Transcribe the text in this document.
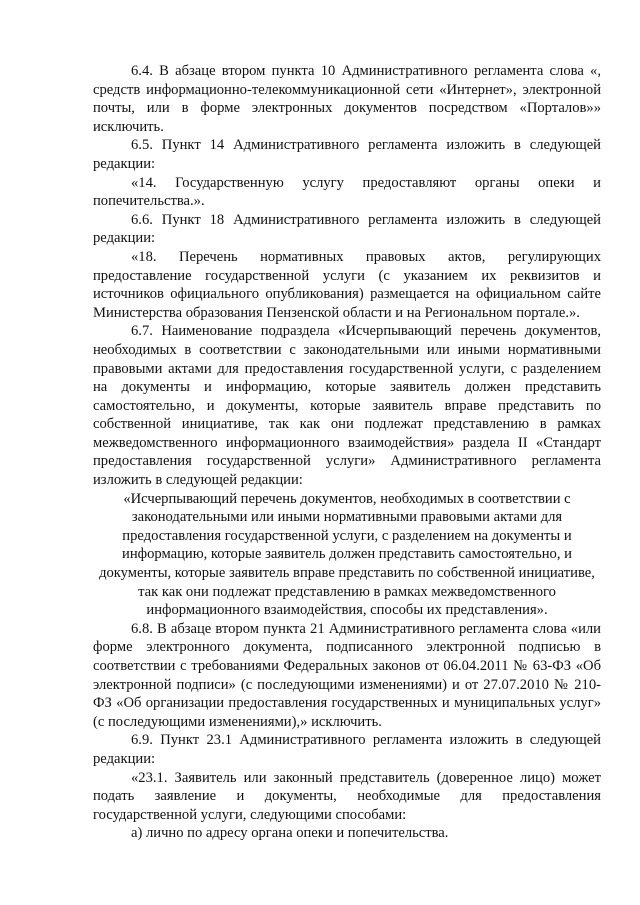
6.4. В абзаце втором пункта 10 Административного регламента слова «, средств информационно-телекоммуникационной сети «Интернет», электронной почты, или в форме электронных документов посредством «Порталов»» исключить.

6.5. Пункт 14 Административного регламента изложить в следующей редакции:

«14. Государственную услугу предоставляют органы опеки и попечительства.».

6.6. Пункт 18 Административного регламента изложить в следующей редакции:

«18. Перечень нормативных правовых актов, регулирующих предоставление государственной услуги (с указанием их реквизитов и источников официального опубликования) размещается на официальном сайте Министерства образования Пензенской области и на Региональном портале.».

6.7. Наименование подраздела «Исчерпывающий перечень документов, необходимых в соответствии с законодательными или иными нормативными правовыми актами для предоставления государственной услуги, с разделением на документы и информацию, которые заявитель должен представить самостоятельно, и документы, которые заявитель вправе представить по собственной инициативе, так как они подлежат представлению в рамках межведомственного информационного взаимодействия» раздела II «Стандарт предоставления государственной услуги» Административного регламента изложить в следующей редакции:

«Исчерпывающий перечень документов, необходимых в соответствии с законодательными или иными нормативными правовыми актами для предоставления государственной услуги, с разделением на документы и информацию, которые заявитель должен представить самостоятельно, и документы, которые заявитель вправе представить по собственной инициативе, так как они подлежат представлению в рамках межведомственного информационного взаимодействия, способы их представления».

6.8. В абзаце втором пункта 21 Административного регламента слова «или форме электронного документа, подписанного электронной подписью в соответствии с требованиями Федеральных законов от 06.04.2011 № 63-ФЗ «Об электронной подписи» (с последующими изменениями) и от 27.07.2010 № 210-ФЗ «Об организации предоставления государственных и муниципальных услуг» (с последующими изменениями),» исключить.

6.9. Пункт 23.1 Административного регламента изложить в следующей редакции:

«23.1. Заявитель или законный представитель (доверенное лицо) может подать заявление и документы, необходимые для предоставления государственной услуги, следующими способами:

а) лично по адресу органа опеки и попечительства.
